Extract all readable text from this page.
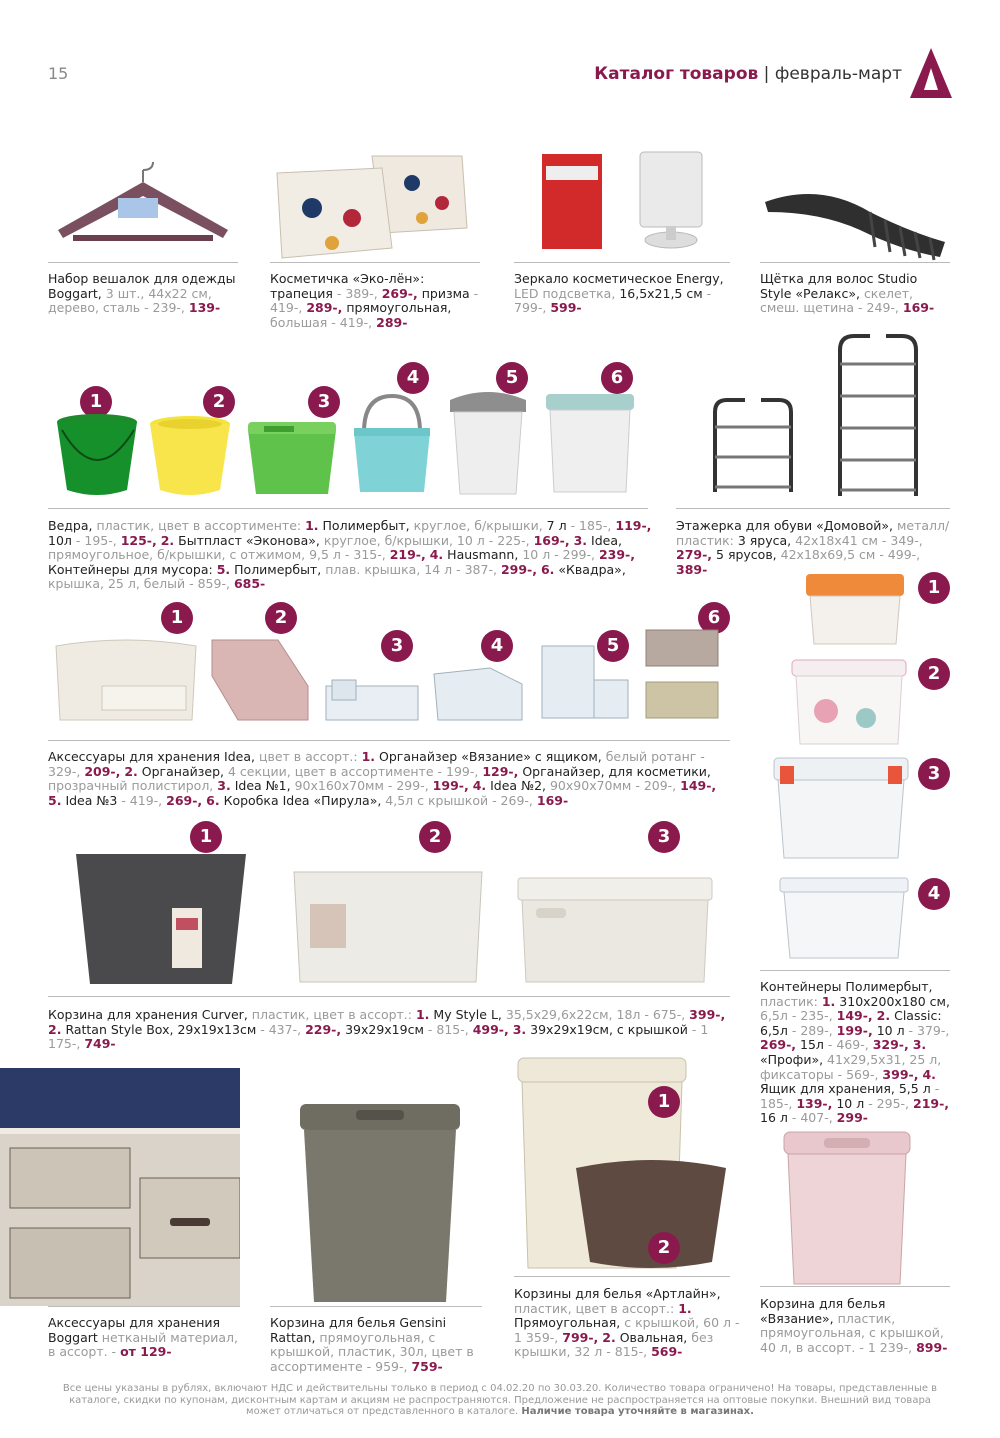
15	Каталог товаров | февраль-март
Набор вешалок для одежды Boggart, 3 шт., 44x22 см, дерево, сталь - 239-, 139-
Косметичка «Эко-лён»: трапеция - 389-, 269-, призма - 419-, 289-, прямоугольная, большая - 419-, 289-
Зеркало косметическое Energy, LED подсветка, 16,5x21,5 см - 799-, 599-
Щётка для волос Studio Style «Релакс», скелет, смеш. щетина - 249-, 169-
1	2	3
4	5	6
Ведра, пластик, цвет в ассортименте: 1. Полимербыт, круглое, б/крышки, 7 л - 185-, 119-, 10л - 195-, 125-, 2. Бытпласт «Эконова», круглое, б/крышки, 10 л - 225-, 169-, 3. Idea, прямоугольное, б/крышки, с отжимом, 9,5 л - 315-, 219-, 4. Hausmann, 10 л - 299-, 239-, Контейнеры для мусора: 5. Полимербыт, плав. крышка, 14 л - 387-, 299-, 6. «Квадра», крышка, 25 л, белый - 859-, 685-
Этажерка для обуви «Домовой», металл/пластик: 3 яруса, 42x18x41 см - 349-, 279-, 5 ярусов, 42x18x69,5 см - 499-, 389-
1	2
3	4	5
6
Аксессуары для хранения Idea, цвет в ассорт.: 1. Органайзер «Вязание» с ящиком, белый ротанг - 329-, 209-, 2. Органайзер, 4 секции, цвет в ассортименте - 199-, 129-, Органайзер, для косметики, прозрачный полистирол, 3. Idea №1, 90x160x70мм - 299-, 199-, 4. Idea №2, 90x90x70мм - 209-, 149-, 5. Idea №3 - 419-, 269-, 6. Коробка Idea «Пирула», 4,5л с крышкой - 269-, 169-
1
2
3
4
Контейнеры Полимербыт, пластик: 1. 310x200x180 см, 6,5л - 235-, 149-, 2. Classic: 6,5л - 289-, 199-, 10 л - 379-, 269-, 15л - 469-, 329-, 3. «Профи», 41x29,5x31, 25 л, фиксаторы - 569-, 399-, 4. Ящик для хранения, 5,5 л - 185-, 139-, 10 л - 295-, 219-, 16 л - 407-, 299-
1	2	3
Корзина для хранения Curver, пластик, цвет в ассорт.: 1. My Style L, 35,5x29,6x22см, 18л - 675-, 399-, 2. Rattan Style Box, 29x19x13см - 437-, 229-, 39x29x19см - 815-, 499-, 3. 39x29x19см, с крышкой - 1 175-, 749-
1
2
Аксессуары для хранения Boggart нетканый материал, в ассорт. - от 129-
Корзина для белья Gensini Rattan, прямоугольная, с крышкой, пластик, 30л, цвет в ассортименте - 959-, 759-
Корзины для белья «Артлайн», пластик, цвет в ассорт.: 1. Прямоугольная, с крышкой, 60 л - 1 359-, 799-, 2. Овальная, без крышки, 32 л - 815-, 569-
Корзина для белья «Вязание», пластик, прямоугольная, с крышкой, 40 л, в ассорт. - 1 239-, 899-
Все цены указаны в рублях, включают НДС и действительны только в период с 04.02.20 по 30.03.20. Количество товара ограничено! На товары, представленные в каталоге, скидки по купонам, дисконтным картам и акциям не распространяются. Предложение не распространяется на оптовые покупки. Внешний вид товара может отличаться от представленного в каталоге. Наличие товара уточняйте в магазинах.
